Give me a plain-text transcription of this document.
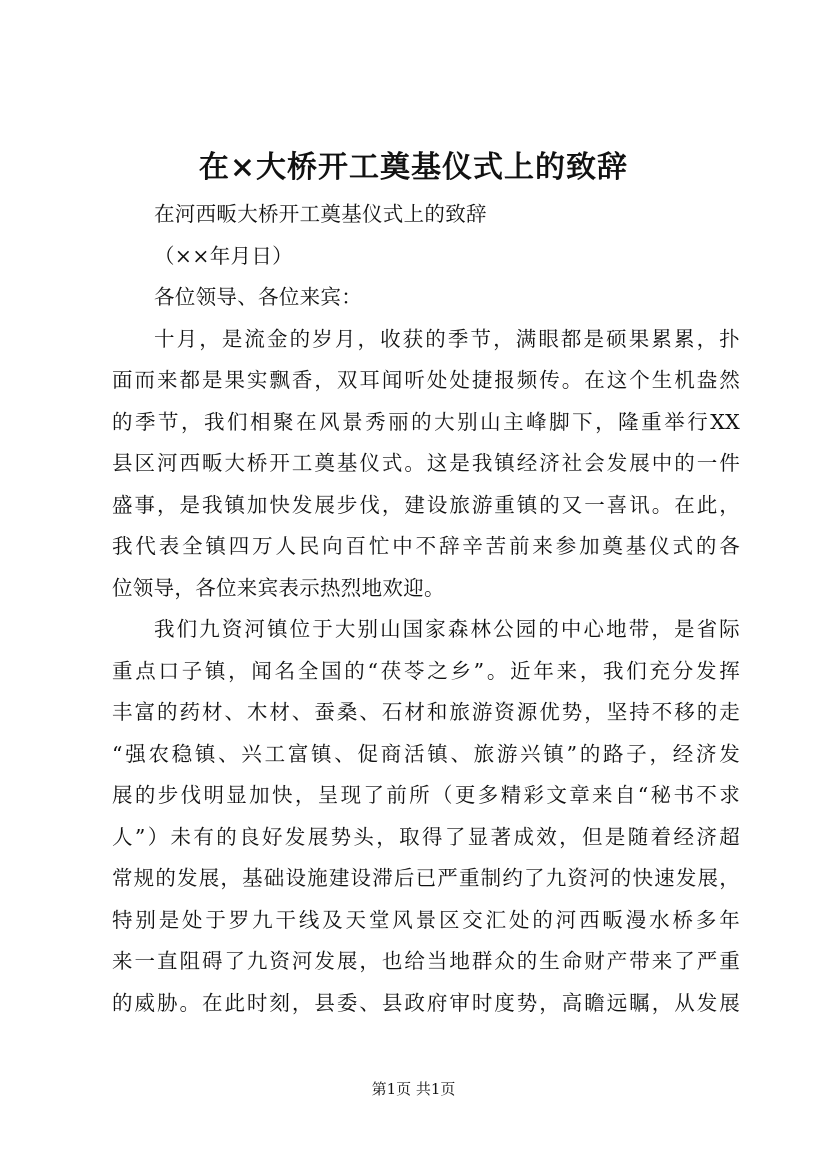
在×大桥开工奠基仪式上的致辞
在河西畈大桥开工奠基仪式上的致辞
（××年月日）
各位领导、各位来宾：
十月，是流金的岁月，收获的季节，满眼都是硕果累累，扑
面而来都是果实飘香，双耳闻听处处捷报频传。在这个生机盎然
的季节，我们相聚在风景秀丽的大别山主峰脚下，隆重举行XX
县区河西畈大桥开工奠基仪式。这是我镇经济社会发展中的一件
盛事，是我镇加快发展步伐，建设旅游重镇的又一喜讯。在此，
我代表全镇四万人民向百忙中不辞辛苦前来参加奠基仪式的各
位领导，各位来宾表示热烈地欢迎。
我们九资河镇位于大别山国家森林公园的中心地带，是省际
重点口子镇，闻名全国的“茯苓之乡”。近年来，我们充分发挥
丰富的药材、木材、蚕桑、石材和旅游资源优势，坚持不移的走
“强农稳镇、兴工富镇、促商活镇、旅游兴镇”的路子，经济发
展的步伐明显加快，呈现了前所（更多精彩文章来自“秘书不求
人”）未有的良好发展势头，取得了显著成效，但是随着经济超
常规的发展，基础设施建设滞后已严重制约了九资河的快速发展，
特别是处于罗九干线及天堂风景区交汇处的河西畈漫水桥多年
来一直阻碍了九资河发展，也给当地群众的生命财产带来了严重
的威胁。在此时刻，县委、县政府审时度势，高瞻远瞩，从发展
第1页 共1页
